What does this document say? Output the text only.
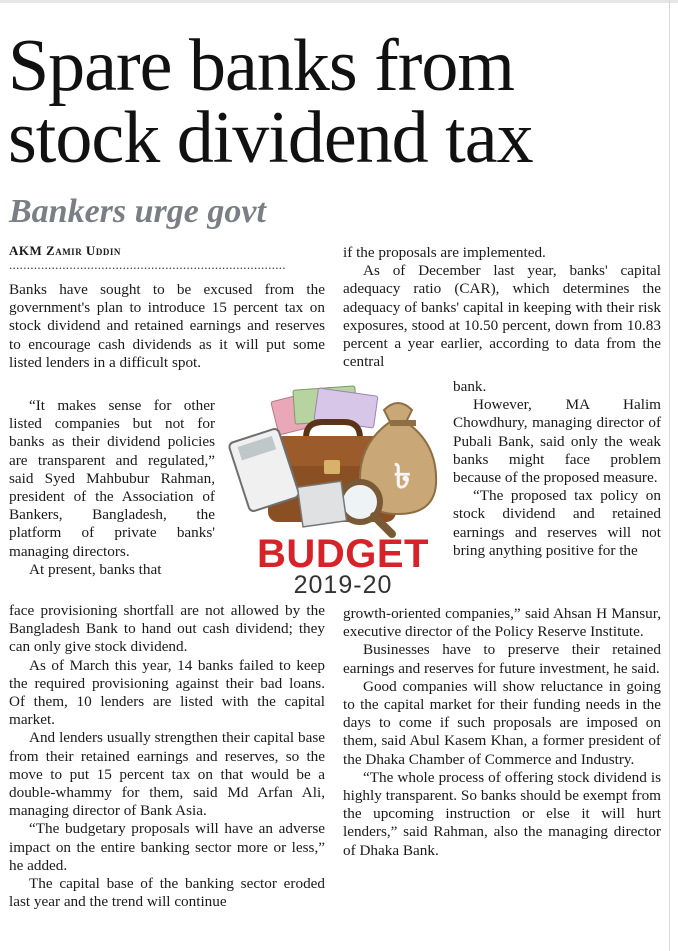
Spare banks from stock dividend tax
Bankers urge govt
AKM Zamir Uddin
..............................................................................

Banks have sought to be excused from the government's plan to introduce 15 percent tax on stock dividend and retained earnings and reserves to encourage cash dividends as it will put some listed lenders in a difficult spot.

“It makes sense for other listed companies but not for banks as their dividend policies are transparent and regulated,” said Syed Mahbubur Rahman, president of the Association of Bankers, Bangladesh, the platform of private banks' managing directors.

At present, banks that

face provisioning shortfall are not allowed by the Bangladesh Bank to hand out cash dividend; they can only give stock dividend.

As of March this year, 14 banks failed to keep the required provisioning against their bad loans. Of them, 10 lenders are listed with the capital market.

And lenders usually strengthen their capital base from their retained earnings and reserves, so the move to put 15 percent tax on that would be a double-whammy for them, said Md Arfan Ali, managing director of Bank Asia.

“The budgetary proposals will have an adverse impact on the entire banking sector more or less,” he added.

The capital base of the banking sector eroded last year and the trend will continue

if the proposals are implemented.

As of December last year, banks' capital adequacy ratio (CAR), which determines the adequacy of banks' capital in keeping with their risk exposures, stood at 10.50 percent, down from 10.83 percent a year earlier, according to data from the central

bank.

However, MA Halim Chowdhury, managing director of Pubali Bank, said only the weak banks might face problem because of the proposed measure.

“The proposed tax policy on stock dividend and retained earnings and reserves will not bring anything positive for the

growth-oriented companies,” said Ahsan H Mansur, executive director of the Policy Reserve Institute.

Businesses have to preserve their retained earnings and reserves for future investment, he said.

Good companies will show reluctance in going to the capital market for their funding needs in the days to come if such proposals are imposed on them, said Abul Kasem Khan, a former president of the Dhaka Chamber of Commerce and Industry.

“The whole process of offering stock dividend is highly transparent. So banks should be exempt from the upcoming instruction or else it will hurt lenders,” said Rahman, also the managing director of Dhaka Bank.

৳
BUDGET
2019-20
